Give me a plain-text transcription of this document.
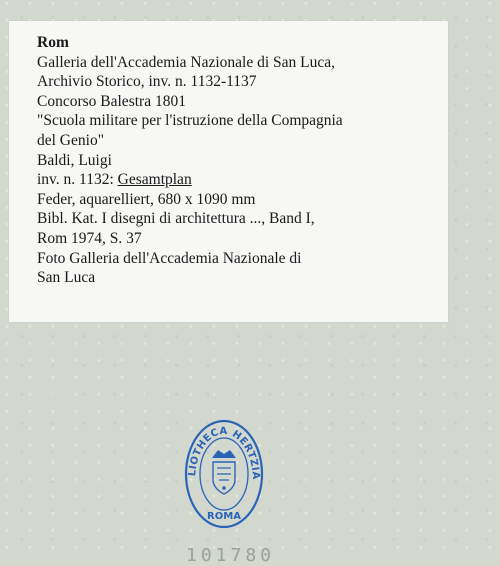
Rom
Galleria dell'Accademia Nazionale di San Luca,
Archivio Storico, inv. n. 1132-1137
Concorso Balestra 1801
"Scuola militare per l'istruzione della Compagnia
del Genio"
Baldi, Luigi
inv. n. 1132: Gesamtplan
Feder, aquarelliert, 680 x 1090 mm
Bibl. Kat. I disegni di architettura ..., Band I,
Rom 1974, S. 37
Foto Galleria dell'Accademia Nazionale di
San Luca
LIOTHECA HERTZIA
ROMA
101780
